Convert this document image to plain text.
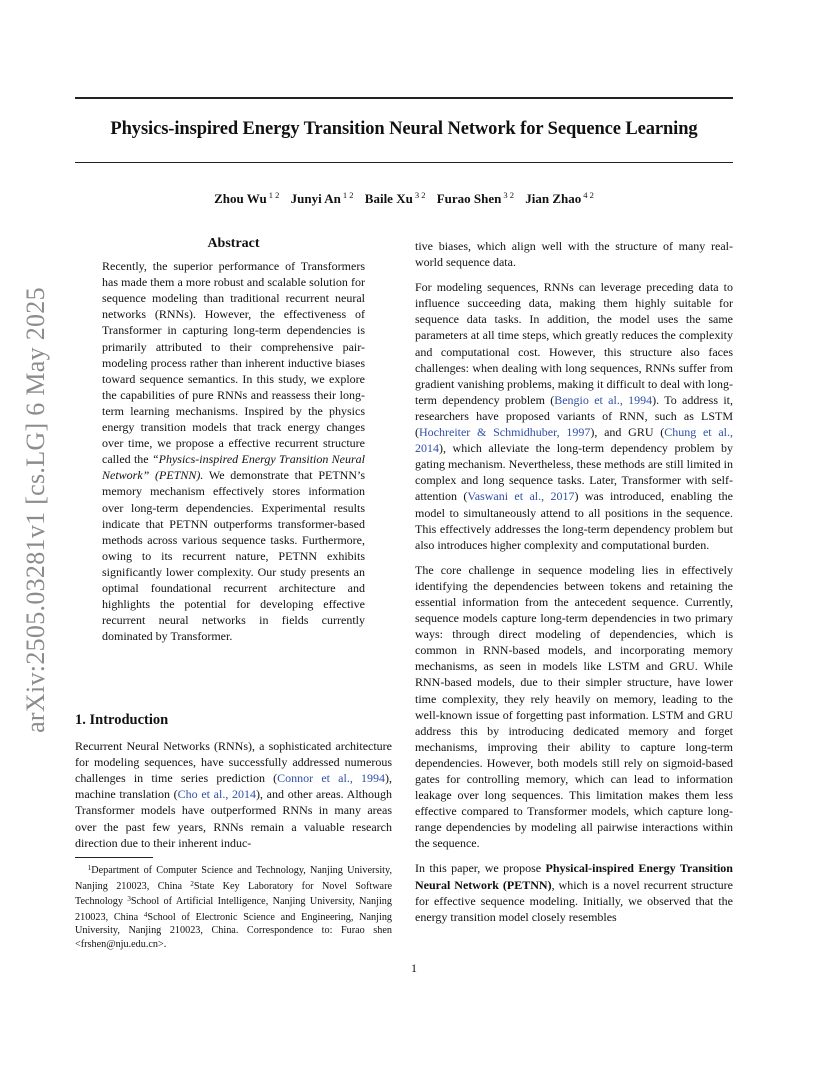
Physics-inspired Energy Transition Neural Network for Sequence Learning

Zhou Wu $^{1 2}$ Junyi An $^{1 2}$ Baile Xu $^{3 2}$ Furao Shen $^{3 2}$ Jian Zhao $^{4 2}$

arXiv:2505.03281v1 [cs.LG] 6 May 2025
Abstract

Recently, the superior performance of Transformers has made them a more robust and scalable solution for sequence modeling than traditional recurrent neural networks (RNNs). However, the effectiveness of Transformer in capturing long-term dependencies is primarily attributed to their comprehensive pair-modeling process rather than inherent inductive biases toward sequence semantics. In this study, we explore the capabilities of pure RNNs and reassess their long-term learning mechanisms. Inspired by the physics energy transition models that track energy changes over time, we propose a effective recurrent structure called the “Physics-inspired Energy Transition Neural Network” (PETNN). We demonstrate that PETNN’s memory mechanism effectively stores information over long-term dependencies. Experimental results indicate that PETNN outperforms transformer-based methods across various sequence tasks. Furthermore, owing to its recurrent nature, PETNN exhibits significantly lower complexity. Our study presents an optimal foundational recurrent architecture and highlights the potential for developing effective recurrent neural networks in fields currently dominated by Transformer.

1. Introduction

Recurrent Neural Networks (RNNs), a sophisticated architecture for modeling sequences, have successfully addressed numerous challenges in time series prediction (Connor et al., 1994), machine translation (Cho et al., 2014), and other areas. Although Transformer models have outperformed RNNs in many areas over the past few years, RNNs remain a valuable research direction due to their inherent induc-

$^1$Department of Computer Science and Technology, Nanjing University, Nanjing 210023, China $^2$State Key Laboratory for Novel Software Technology $^3$School of Artificial Intelligence, Nanjing University, Nanjing 210023, China $^4$School of Electronic Science and Engineering, Nanjing University, Nanjing 210023, China. Correspondence to: Furao shen <frshen@nju.edu.cn>.

tive biases, which align well with the structure of many real-world sequence data.

For modeling sequences, RNNs can leverage preceding data to influence succeeding data, making them highly suitable for sequence data tasks. In addition, the model uses the same parameters at all time steps, which greatly reduces the complexity and computational cost. However, this structure also faces challenges: when dealing with long sequences, RNNs suffer from gradient vanishing problems, making it difficult to deal with long-term dependency problem (Bengio et al., 1994). To address it, researchers have proposed variants of RNN, such as LSTM (Hochreiter & Schmidhuber, 1997), and GRU (Chung et al., 2014), which alleviate the long-term dependency problem by gating mechanism. Nevertheless, these methods are still limited in complex and long sequence tasks. Later, Transformer with self-attention (Vaswani et al., 2017) was introduced, enabling the model to simultaneously attend to all positions in the sequence. This effectively addresses the long-term dependency problem but also introduces higher complexity and computational burden.

The core challenge in sequence modeling lies in effectively identifying the dependencies between tokens and retaining the essential information from the antecedent sequence. Currently, sequence models capture long-term dependencies in two primary ways: through direct modeling of dependencies, which is common in RNN-based models, and incorporating memory mechanisms, as seen in models like LSTM and GRU. While RNN-based models, due to their simpler structure, have lower time complexity, they rely heavily on memory, leading to the well-known issue of forgetting past information. LSTM and GRU address this by introducing dedicated memory and forget mechanisms, improving their ability to capture long-term dependencies. However, both models still rely on sigmoid-based gates for controlling memory, which can lead to information leakage over long sequences. This limitation makes them less effective compared to Transformer models, which capture long-range dependencies by modeling all pairwise interactions within the sequence.

In this paper, we propose Physical-inspired Energy Transition Neural Network (PETNN), which is a novel recurrent structure for effective sequence modeling. Initially, we observed that the energy transition model closely resembles

1
